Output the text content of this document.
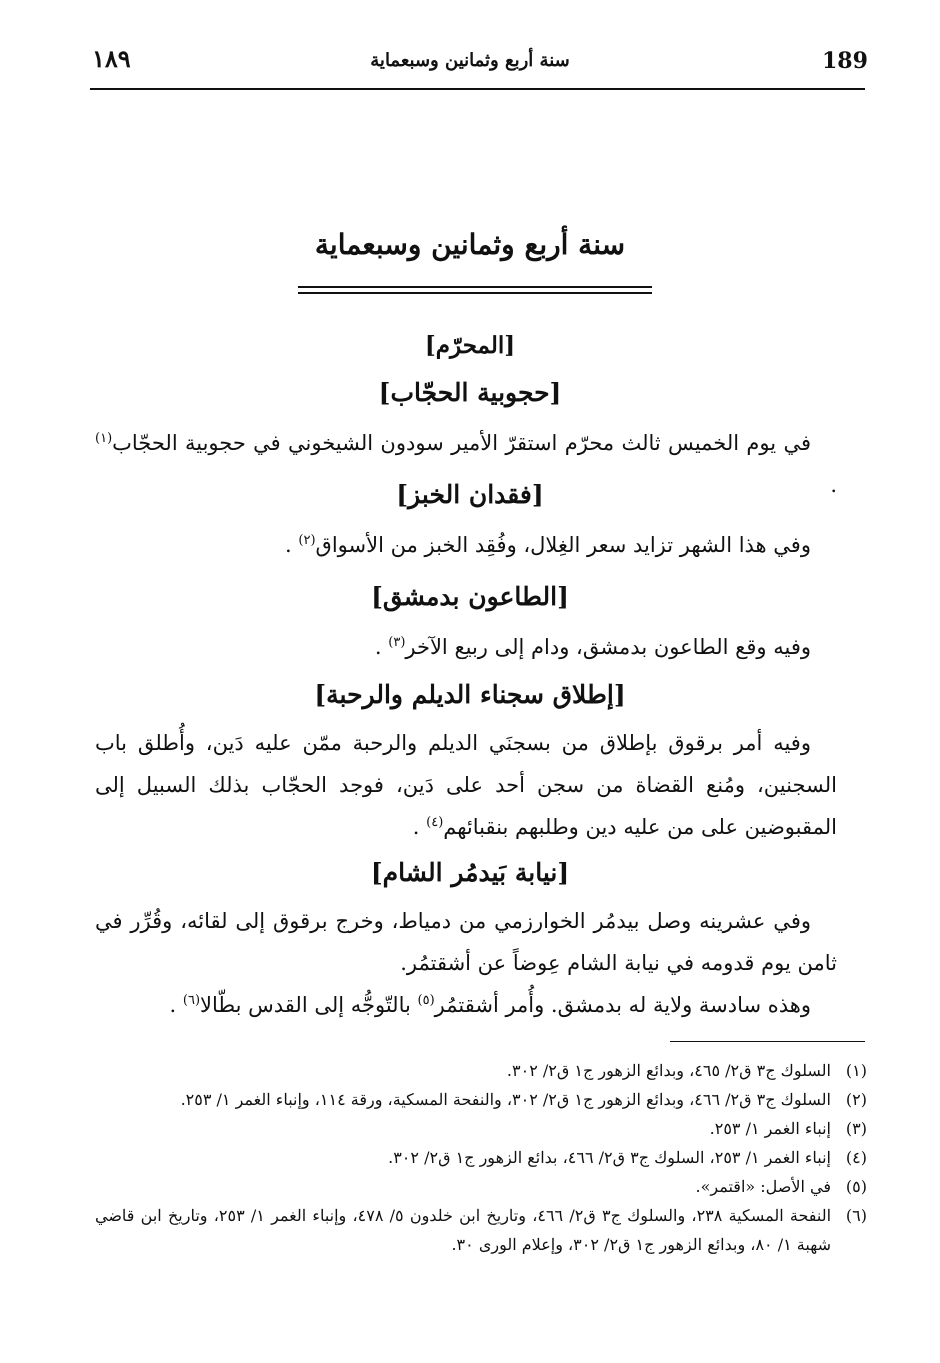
189
سنة أربع وثمانين وسبعماية
١٨٩
سنة أربع وثمانين وسبعماية
[المحرّم]
[حجوبية الحجّاب]

في يوم الخميس ثالث محرّم استقرّ الأمير سودون الشيخوني في حجوبية الحجّاب$^{(١)}$ .

[فقدان الخبز]

وفي هذا الشهر تزايد سعر الغِلال، وفُقِد الخبز من الأسواق$^{(٢)}$ .

[الطاعون بدمشق]

وفيه وقع الطاعون بدمشق، ودام إلى ربيع الآخر$^{(٣)}$ .

[إطلاق سجناء الديلم والرحبة]

وفيه أمر برقوق بإطلاق من بسجنَي الديلم والرحبة ممّن عليه دَين، وأُطلق باب السجنين، ومُنع القضاة من سجن أحد على دَين، فوجد الحجّاب بذلك السبيل إلى المقبوضين على من عليه دين وطلبهم بنقبائهم$^{(٤)}$ .

[نيابة بَيدمُر الشام]

وفي عشرينه وصل بيدمُر الخوارزمي من دمياط، وخرج برقوق إلى لقائه، وقُرِّر في ثامن يوم قدومه في نيابة الشام عِوضاً عن أشقتمُر.

وهذه سادسة ولاية له بدمشق. وأُمر أشقتمُر$^{(٥)}$ بالتّوجُّه إلى القدس بطّالا$^{(٦)}$ .

(١)
السلوك ج٣ ق٢/ ٤٦٥، وبدائع الزهور ج١ ق٢/ ٣٠٢.
(٢)
السلوك ج٣ ق٢/ ٤٦٦، وبدائع الزهور ج١ ق٢/ ٣٠٢، والنفحة المسكية، ورقة ١١٤، وإنباء الغمر ١/ ٢٥٣.
(٣)
إنباء الغمر ١/ ٢٥٣.
(٤)
إنباء الغمر ١/ ٢٥٣، السلوك ج٣ ق٢/ ٤٦٦، بدائع الزهور ج١ ق٢/ ٣٠٢.
(٥)
في الأصل: «اقتمر».
(٦)
النفحة المسكية ٢٣٨، والسلوك ج٣ ق٢/ ٤٦٦، وتاريخ ابن خلدون ٥/ ٤٧٨، وإنباء الغمر ١/ ٢٥٣، وتاريخ ابن قاضي شهبة ١/ ٨٠، وبدائع الزهور ج١ ق٢/ ٣٠٢، وإعلام الورى ٣٠.
